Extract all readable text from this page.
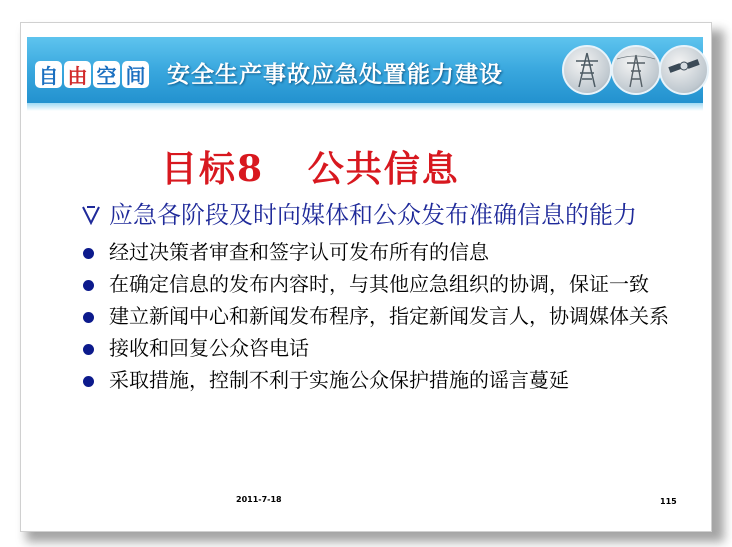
自 由 空 间 安全生产事故应急处置能力建设
目标8 公共信息
应急各阶段及时向媒体和公众发布准确信息的能力
经过决策者审查和签字认可发布所有的信息
在确定信息的发布内容时，与其他应急组织的协调，保证一致
建立新闻中心和新闻发布程序，指定新闻发言人，协调媒体关系
接收和回复公众咨电话
采取措施，控制不利于实施公众保护措施的谣言蔓延
2011-7-18	115
